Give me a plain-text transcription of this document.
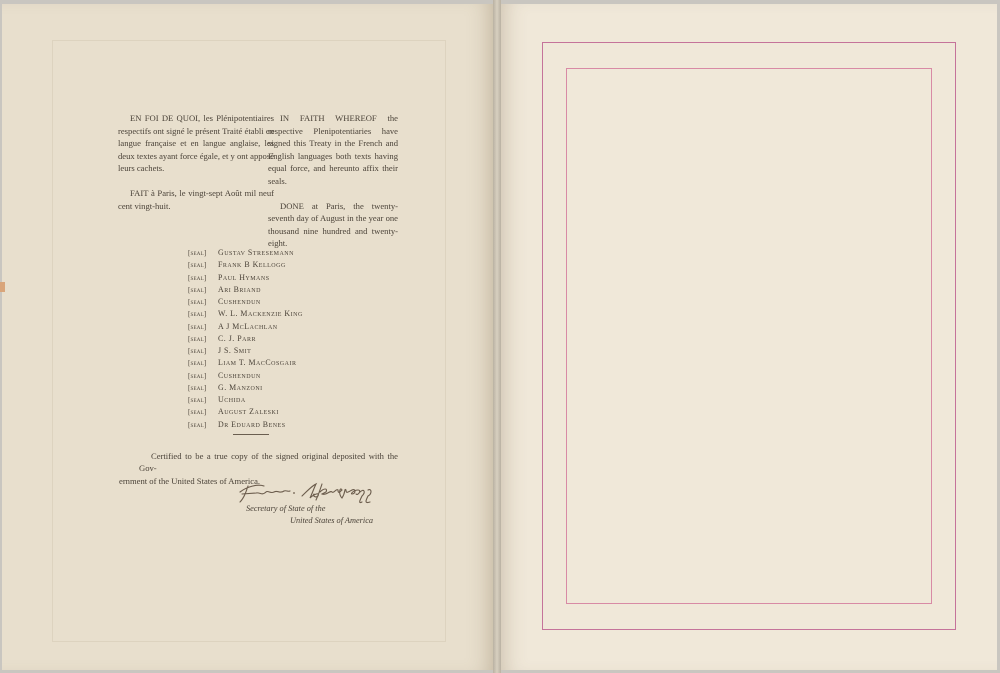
EN FOI DE QUOI, les Plénipotentiaires respectifs ont signé le présent Traité établi en langue française et en langue anglaise, les deux textes ayant force égale, et y ont apposé leurs cachets.

FAIT à Paris, le vingt-sept Août mil neuf cent vingt-huit.

IN FAITH WHEREOF the respective Plenipotentiaries have signed this Treaty in the French and English languages both texts having equal force, and hereunto affix their seals.

DONE at Paris, the twenty-seventh day of August in the year one thousand nine hundred and twenty-eight.

[seal]	Gustav Stresemann
[seal]	Frank B Kellogg
[seal]	Paul Hymans
[seal]	Ari Briand
[seal]	Cushendun
[seal]	W. L. Mackenzie King
[seal]	A J McLachlan
[seal]	C. J. Parr
[seal]	J S. Smit
[seal]	Liam T. MacCosgair
[seal]	Cushendun
[seal]	G. Manzoni
[seal]	Uchida
[seal]	August Zaleski
[seal]	Dr Eduard Benes
Certified to be a true copy of the signed original deposited with the Gov-
ernment of the United States of America.
Secretary of State of the
United States of America
